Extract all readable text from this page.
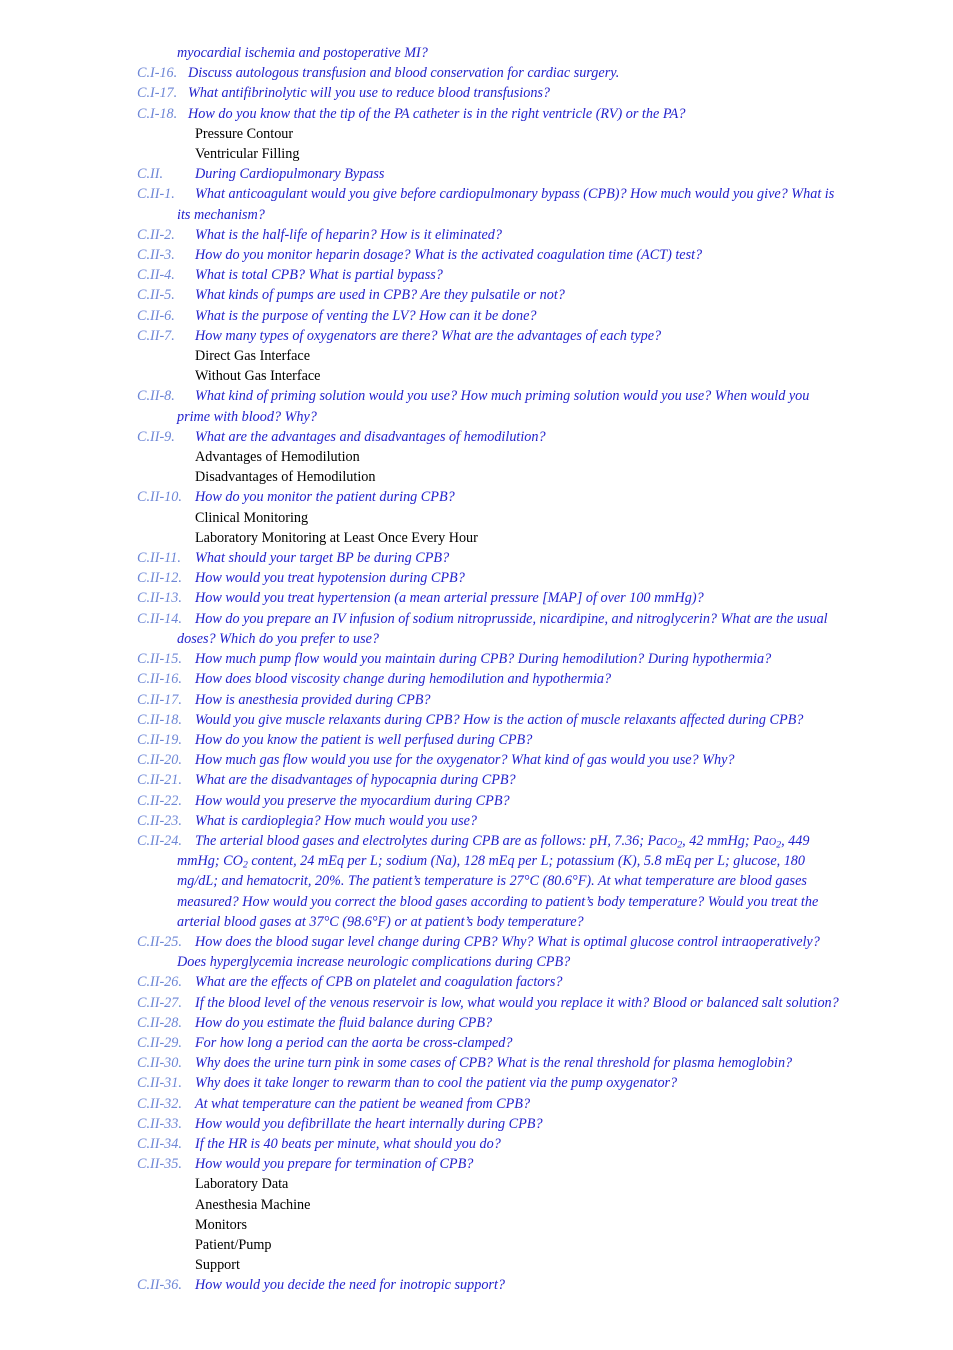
myocardial ischemia and postoperative MI?
C.I-16. Discuss autologous transfusion and blood conservation for cardiac surgery.
C.I-17. What antifibrinolytic will you use to reduce blood transfusions?
C.I-18. How do you know that the tip of the PA catheter is in the right ventricle (RV) or the PA?
Pressure Contour
Ventricular Filling
C.II. During Cardiopulmonary Bypass
C.II-1. What anticoagulant would you give before cardiopulmonary bypass (CPB)? How much would you give? What is
its mechanism?
C.II-2. What is the half-life of heparin? How is it eliminated?
C.II-3. How do you monitor heparin dosage? What is the activated coagulation time (ACT) test?
C.II-4. What is total CPB? What is partial bypass?
C.II-5. What kinds of pumps are used in CPB? Are they pulsatile or not?
C.II-6. What is the purpose of venting the LV? How can it be done?
C.II-7. How many types of oxygenators are there? What are the advantages of each type?
Direct Gas Interface
Without Gas Interface
C.II-8. What kind of priming solution would you use? How much priming solution would you use? When would you
prime with blood? Why?
C.II-9. What are the advantages and disadvantages of hemodilution?
Advantages of Hemodilution
Disadvantages of Hemodilution
C.II-10. How do you monitor the patient during CPB?
Clinical Monitoring
Laboratory Monitoring at Least Once Every Hour
C.II-11. What should your target BP be during CPB?
C.II-12. How would you treat hypotension during CPB?
C.II-13. How would you treat hypertension (a mean arterial pressure [MAP] of over 100 mmHg)?
C.II-14. How do you prepare an IV infusion of sodium nitroprusside, nicardipine, and nitroglycerin? What are the usual
doses? Which do you prefer to use?
C.II-15. How much pump flow would you maintain during CPB? During hemodilution? During hypothermia?
C.II-16. How does blood viscosity change during hemodilution and hypothermia?
C.II-17. How is anesthesia provided during CPB?
C.II-18. Would you give muscle relaxants during CPB? How is the action of muscle relaxants affected during CPB?
C.II-19. How do you know the patient is well perfused during CPB?
C.II-20. How much gas flow would you use for the oxygenator? What kind of gas would you use? Why?
C.II-21. What are the disadvantages of hypocapnia during CPB?
C.II-22. How would you preserve the myocardium during CPB?
C.II-23. What is cardioplegia? How much would you use?
C.II-24. The arterial blood gases and electrolytes during CPB are as follows: pH, 7.36; Paco$_2$, 42 mmHg; Pao$_2$, 449
mmHg; $CO_2$ content, 24 mEq per L; sodium (Na), 128 mEq per L; potassium (K), 5.8 mEq per L; glucose, 180
mg/dL; and hematocrit, 20%. The patient’s temperature is 27°C (80.6°F). At what temperature are blood gases
measured? How would you correct the blood gases according to patient’s body temperature? Would you treat the
arterial blood gases at 37°C (98.6°F) or at patient’s body temperature?
C.II-25. How does the blood sugar level change during CPB? Why? What is optimal glucose control intraoperatively?
Does hyperglycemia increase neurologic complications during CPB?
C.II-26. What are the effects of CPB on platelet and coagulation factors?
C.II-27. If the blood level of the venous reservoir is low, what would you replace it with? Blood or balanced salt solution?
C.II-28. How do you estimate the fluid balance during CPB?
C.II-29. For how long a period can the aorta be cross-clamped?
C.II-30. Why does the urine turn pink in some cases of CPB? What is the renal threshold for plasma hemoglobin?
C.II-31. Why does it take longer to rewarm than to cool the patient via the pump oxygenator?
C.II-32. At what temperature can the patient be weaned from CPB?
C.II-33. How would you defibrillate the heart internally during CPB?
C.II-34. If the HR is 40 beats per minute, what should you do?
C.II-35. How would you prepare for termination of CPB?
Laboratory Data
Anesthesia Machine
Monitors
Patient/Pump
Support
C.II-36. How would you decide the need for inotropic support?
